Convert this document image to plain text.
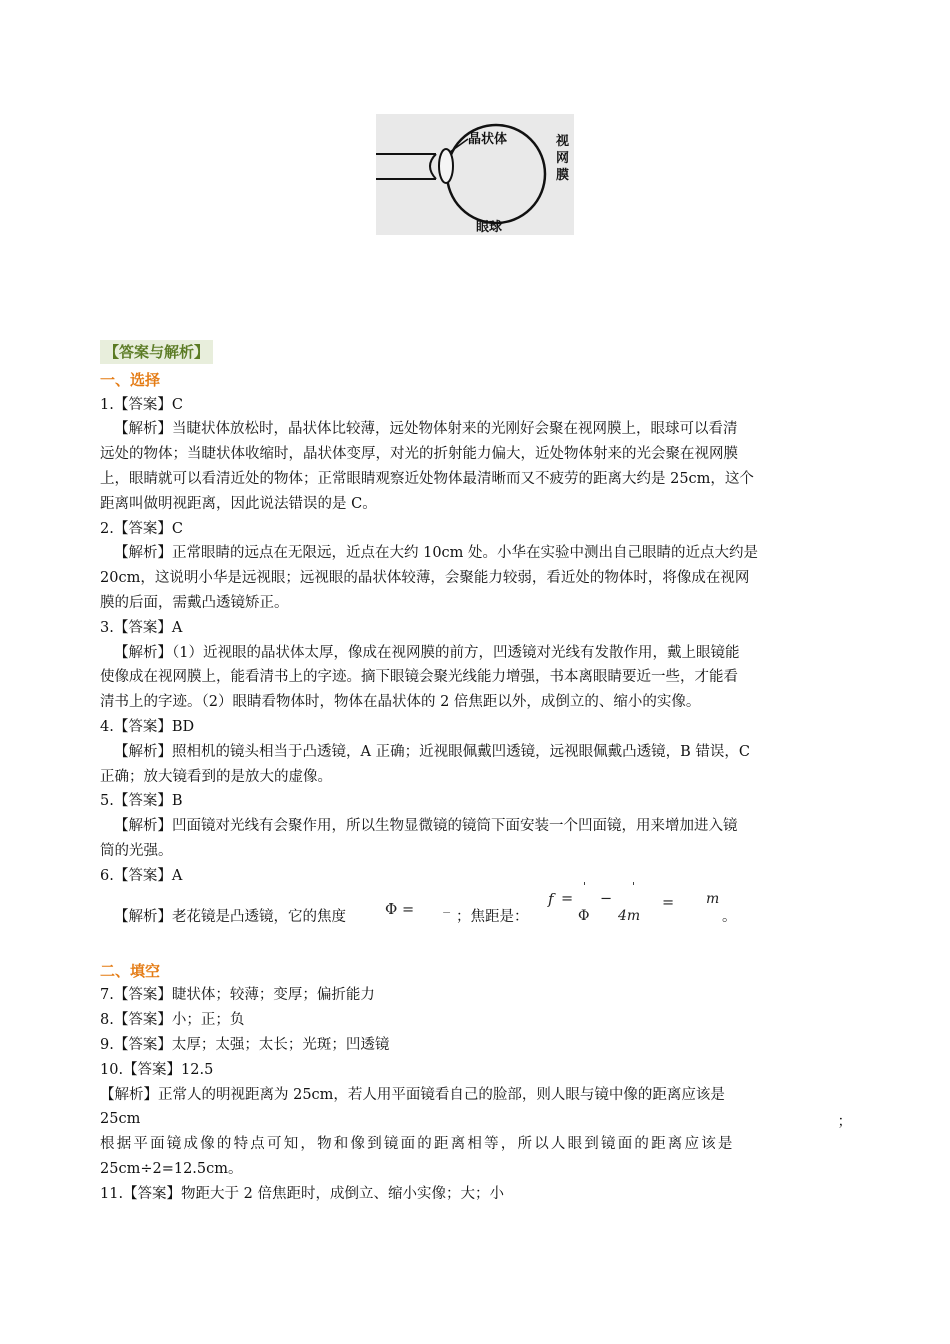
晶状体	视
网
膜
眼球
【答案与解析】
一、选择
1.【答案】C
【解析】当睫状体放松时，晶状体比较薄，远处物体射来的光刚好会聚在视网膜上，眼球可以看清
远处的物体；当睫状体收缩时，晶状体变厚，对光的折射能力偏大，近处物体射来的光会聚在视网膜
上，眼睛就可以看清近处的物体；正常眼睛观察近处物体最清晰而又不疲劳的距离大约是 25cm，这个
距离叫做明视距离，因此说法错误的是 C。
2.【答案】C
【解析】正常眼睛的远点在无限远，近点在大约 10cm 处。小华在实验中测出自己眼睛的近点大约是
20cm，这说明小华是远视眼；远视眼的晶状体较薄，会聚能力较弱，看近处的物体时，将像成在视网
膜的后面，需戴凸透镜矫正。
3.【答案】A
【解析】（1）近视眼的晶状体太厚，像成在视网膜的前方，凹透镜对光线有发散作用，戴上眼镜能
使像成在视网膜上，能看清书上的字迹。摘下眼镜会聚光线能力增强，书本离眼睛要近一些，才能看
清书上的字迹。（2）眼睛看物体时，物体在晶状体的 2 倍焦距以外，成倒立的、缩小的实像。
4.【答案】BD
【解析】照相机的镜头相当于凸透镜，A 正确；近视眼佩戴凹透镜，远视眼佩戴凸透镜，B 错误，C
正确；放大镜看到的是放大的虚像。
5.【答案】B
【解析】凹面镜对光线有会聚作用，所以生物显微镜的镜筒下面安装一个凹面镜，用来增加进入镜
筒的光强。
6.【答案】A
【解析】老花镜是凸透镜，它的焦度	Φ =	− ；焦距是：
f =
'
Φ
−
'
4m
= m
。
二、填空
7.【答案】睫状体；较薄；变厚；偏折能力
8.【答案】小；正；负
9.【答案】太厚；太强；太长；光斑；凹透镜
10.【答案】12.5
【解析】正常人的明视距离为 25cm，若人用平面镜看自己的脸部，则人眼与镜中像的距离应该是
25cm	；
根据平面镜成像的特点可知，物和像到镜面的距离相等，所以人眼到镜面的距离应该是
25cm÷2=12.5cm。
11.【答案】物距大于 2 倍焦距时，成倒立、缩小实像；大；小
